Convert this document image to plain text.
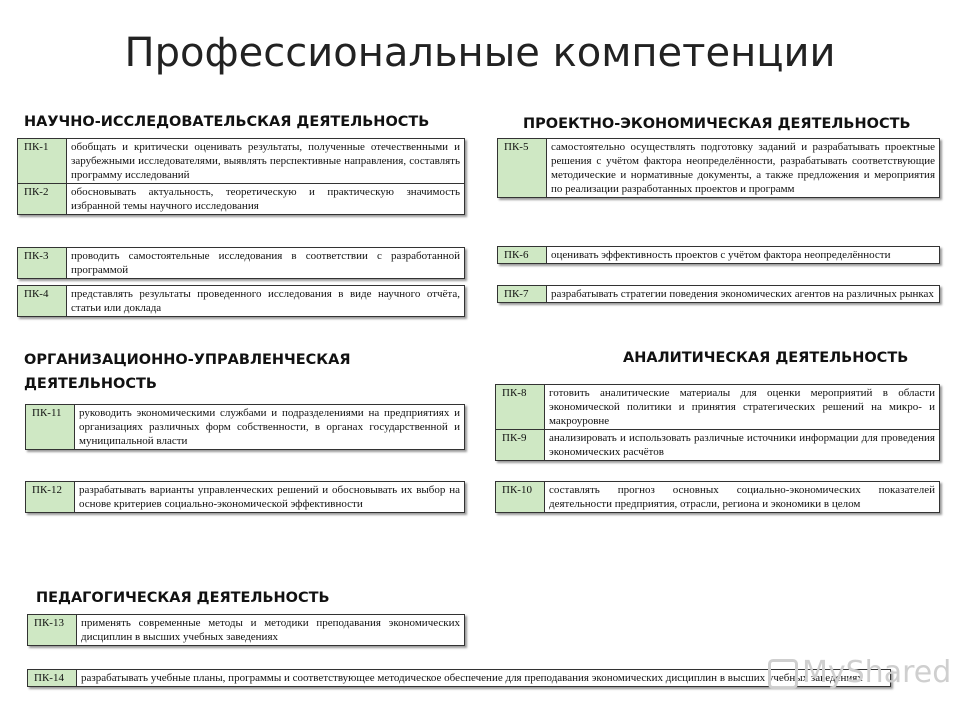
Профессиональные компетенции
НАУЧНО-ИССЛЕДОВАТЕЛЬСКАЯ ДЕЯТЕЛЬНОСТЬ
ПК-1	обобщать и критически оценивать результаты, полученные отечественными и зарубежными исследователями, выявлять перспективные направления, составлять программу исследований
ПК-2	обосновывать актуальность, теоретическую и практическую значимость избранной темы научного исследования
ПК-3	проводить самостоятельные исследования в соответствии с разработанной программой
ПК-4	представлять результаты проведенного исследования в виде научного отчёта, статьи или доклада
ПРОЕКТНО-ЭКОНОМИЧЕСКАЯ ДЕЯТЕЛЬНОСТЬ
ПК-5	самостоятельно осуществлять подготовку заданий и разрабатывать проектные решения с учётом фактора неопределённости, разрабатывать соответствующие методические и нормативные документы, а также предложения и мероприятия по реализации разработанных проектов и программ
ПК-6	оценивать эффективность проектов с учётом фактора неопределённости
ПК-7	разрабатывать стратегии поведения экономических агентов на различных рынках
ОРГАНИЗАЦИОННО-УПРАВЛЕНЧЕСКАЯ
ДЕЯТЕЛЬНОСТЬ
ПК-11	руководить экономическими службами и подразделениями на предприятиях и организациях различных форм собственности, в органах государственной и муниципальной власти
ПК-12	разрабатывать варианты управленческих решений и обосновывать их выбор на основе критериев социально-экономической эффективности
АНАЛИТИЧЕСКАЯ ДЕЯТЕЛЬНОСТЬ
ПК-8	готовить аналитические материалы для оценки мероприятий в области экономической политики и принятия стратегических решений на микро- и макроуровне
ПК-9	анализировать и использовать различные источники информации для проведения экономических расчётов
ПК-10	составлять прогноз основных социально-экономических показателей деятельности предприятия, отрасли, региона и экономики в целом
ПЕДАГОГИЧЕСКАЯ ДЕЯТЕЛЬНОСТЬ
ПК-13	применять современные методы и методики преподавания экономических дисциплин в высших учебных заведениях
ПК-14	разрабатывать учебные планы, программы и соответствующее методическое обеспечение для преподавания экономических дисциплин в высших учебных заведениях
MyShared
